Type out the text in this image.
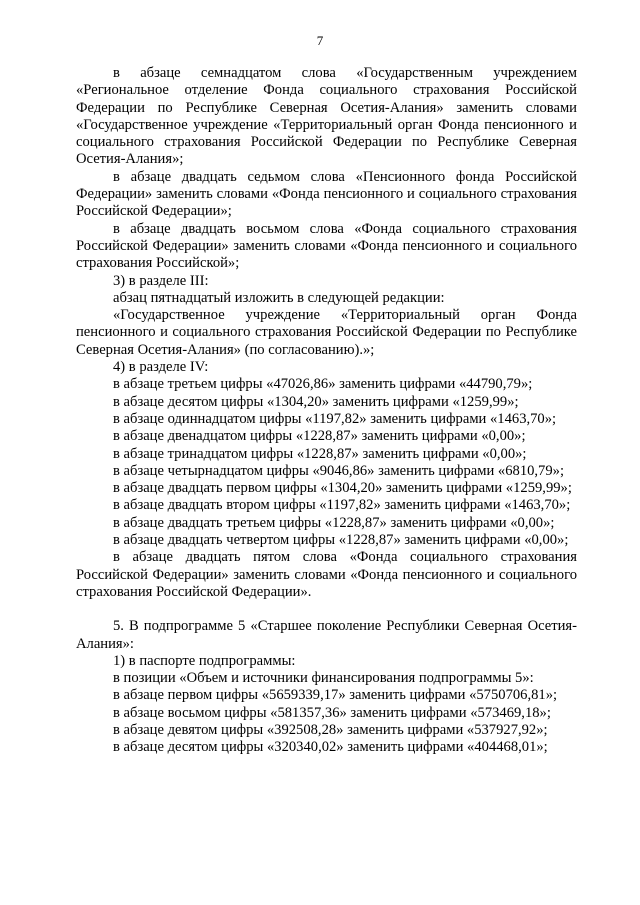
7

в абзаце семнадцатом слова «Государственным учреждением «Региональное отделение Фонда социального страхования Российской Федерации по Республике Северная Осетия-Алания» заменить словами «Государственное учреждение «Территориальный орган Фонда пенсионного и социального страхования Российской Федерации по Республике Северная Осетия-Алания»;

в абзаце двадцать седьмом слова «Пенсионного фонда Российской Федерации» заменить словами «Фонда пенсионного и социального страхования Российской Федерации»;

в абзаце двадцать восьмом слова «Фонда социального страхования Российской Федерации» заменить словами «Фонда пенсионного и социального страхования Российской»;

3) в разделе III:

абзац пятнадцатый изложить в следующей редакции:

«Государственное учреждение «Территориальный орган Фонда пенсионного и социального страхования Российской Федерации по Республике Северная Осетия-Алания» (по согласованию).»;

4) в разделе IV:

в абзаце третьем цифры «47026,86» заменить цифрами «44790,79»;

в абзаце десятом цифры «1304,20» заменить цифрами «1259,99»;

в абзаце одиннадцатом цифры «1197,82» заменить цифрами «1463,70»;

в абзаце двенадцатом цифры «1228,87» заменить цифрами «0,00»;

в абзаце тринадцатом цифры «1228,87» заменить цифрами «0,00»;

в абзаце четырнадцатом цифры «9046,86» заменить цифрами «6810,79»;

в абзаце двадцать первом цифры «1304,20» заменить цифрами «1259,99»;

в абзаце двадцать втором цифры «1197,82» заменить цифрами «1463,70»;

в абзаце двадцать третьем цифры «1228,87» заменить цифрами «0,00»;

в абзаце двадцать четвертом цифры «1228,87» заменить цифрами «0,00»;

в абзаце двадцать пятом слова «Фонда социального страхования Российской Федерации» заменить словами «Фонда пенсионного и социального страхования Российской Федерации».

5. В подпрограмме 5 «Старшее поколение Республики Северная Осетия-Алания»:

1) в паспорте подпрограммы:

в позиции «Объем и источники финансирования подпрограммы 5»:

в абзаце первом цифры «5659339,17» заменить цифрами «5750706,81»;

в абзаце восьмом цифры «581357,36» заменить цифрами «573469,18»;

в абзаце девятом цифры «392508,28» заменить цифрами «537927,92»;

в абзаце десятом цифры «320340,02» заменить цифрами «404468,01»;
